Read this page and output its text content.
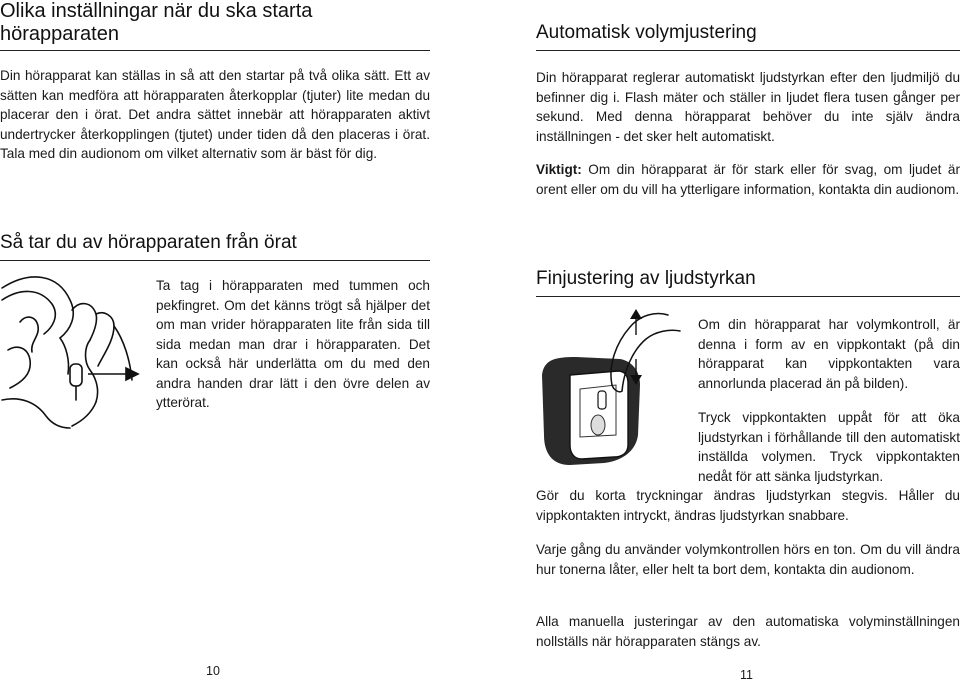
Olika inställningar när du ska starta hörapparaten

Din hörapparat kan ställas in så att den startar på två olika sätt. Ett av sätten kan medföra att hörapparaten återkopplar (tjuter) lite medan du placerar den i örat. Det andra sättet innebär att hörapparaten aktivt undertrycker återkopplingen (tjutet) under tiden då den placeras i örat. Tala med din audionom om vilket alternativ som är bäst för dig.

Så tar du av hörapparaten från örat

Ta tag i hörapparaten med tummen och pekfingret. Om det känns trögt så hjälper det om man vrider hörapparaten lite från sida till sida medan man drar i hörapparaten. Det kan också här underlätta om du med den andra handen drar lätt i den övre delen av ytterörat.

10
Automatisk volymjustering

Din hörapparat reglerar automatiskt ljudstyrkan efter den ljudmiljö du befinner dig i. Flash mäter och ställer in ljudet flera tusen gånger per sekund. Med denna hörapparat behöver du inte själv ändra inställningen - det sker helt automatiskt.

Viktigt: Om din hörapparat är för stark eller för svag, om ljudet är orent eller om du vill ha ytterligare information, kontakta din audionom.

Finjustering av ljudstyrkan

Om din hörapparat har volymkontroll, är denna i form av en vippkontakt (på din hörapparat kan vippkontakten vara annorlunda placerad än på bilden).

Tryck vippkontakten uppåt för att öka ljudstyrkan i förhållande till den automatiskt inställda volymen. Tryck vippkontakten nedåt för att sänka ljudstyrkan.

Gör du korta tryckningar ändras ljudstyrkan stegvis. Håller du vippkontakten intryckt, ändras ljudstyrkan snabbare.

Varje gång du använder volymkontrollen hörs en ton. Om du vill ändra hur tonerna låter, eller helt ta bort dem, kontakta din audionom.

Alla manuella justeringar av den automatiska volyminställningen nollställs när hörapparaten stängs av.

11
